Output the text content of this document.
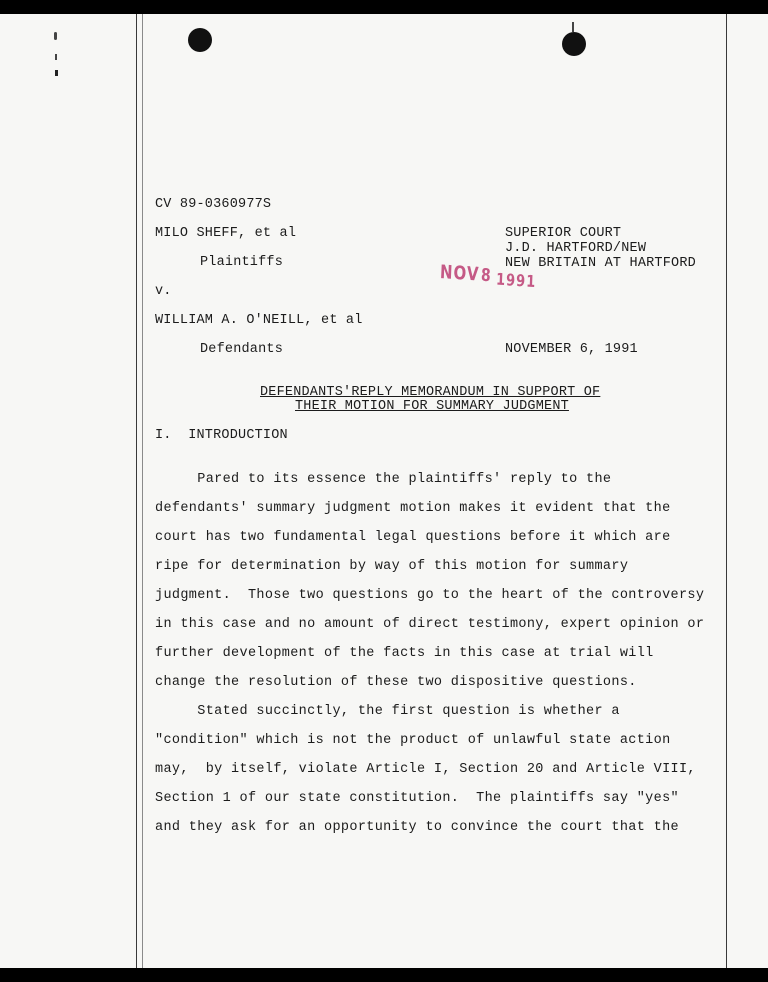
CV 89-0360977S
MILO SHEFF, et al
Plaintiffs
v.
WILLIAM A. O'NEILL, et al
Defendants
SUPERIOR COURT
J.D. HARTFORD/NEW
NEW BRITAIN AT HARTFORD
NOVEMBER 6, 1991
NOV 8 1991
DEFENDANTS'REPLY MEMORANDUM IN SUPPORT OF
THEIR MOTION FOR SUMMARY JUDGMENT
I.  INTRODUCTION
Pared to its essence the plaintiffs' reply to the
defendants' summary judgment motion makes it evident that the
court has two fundamental legal questions before it which are
ripe for determination by way of this motion for summary
judgment.  Those two questions go to the heart of the controversy
in this case and no amount of direct testimony, expert opinion or
further development of the facts in this case at trial will
change the resolution of these two dispositive questions.
Stated succinctly, the first question is whether a
"condition" which is not the product of unlawful state action
may,  by itself, violate Article I, Section 20 and Article VIII,
Section 1 of our state constitution.  The plaintiffs say "yes"
and they ask for an opportunity to convince the court that the
